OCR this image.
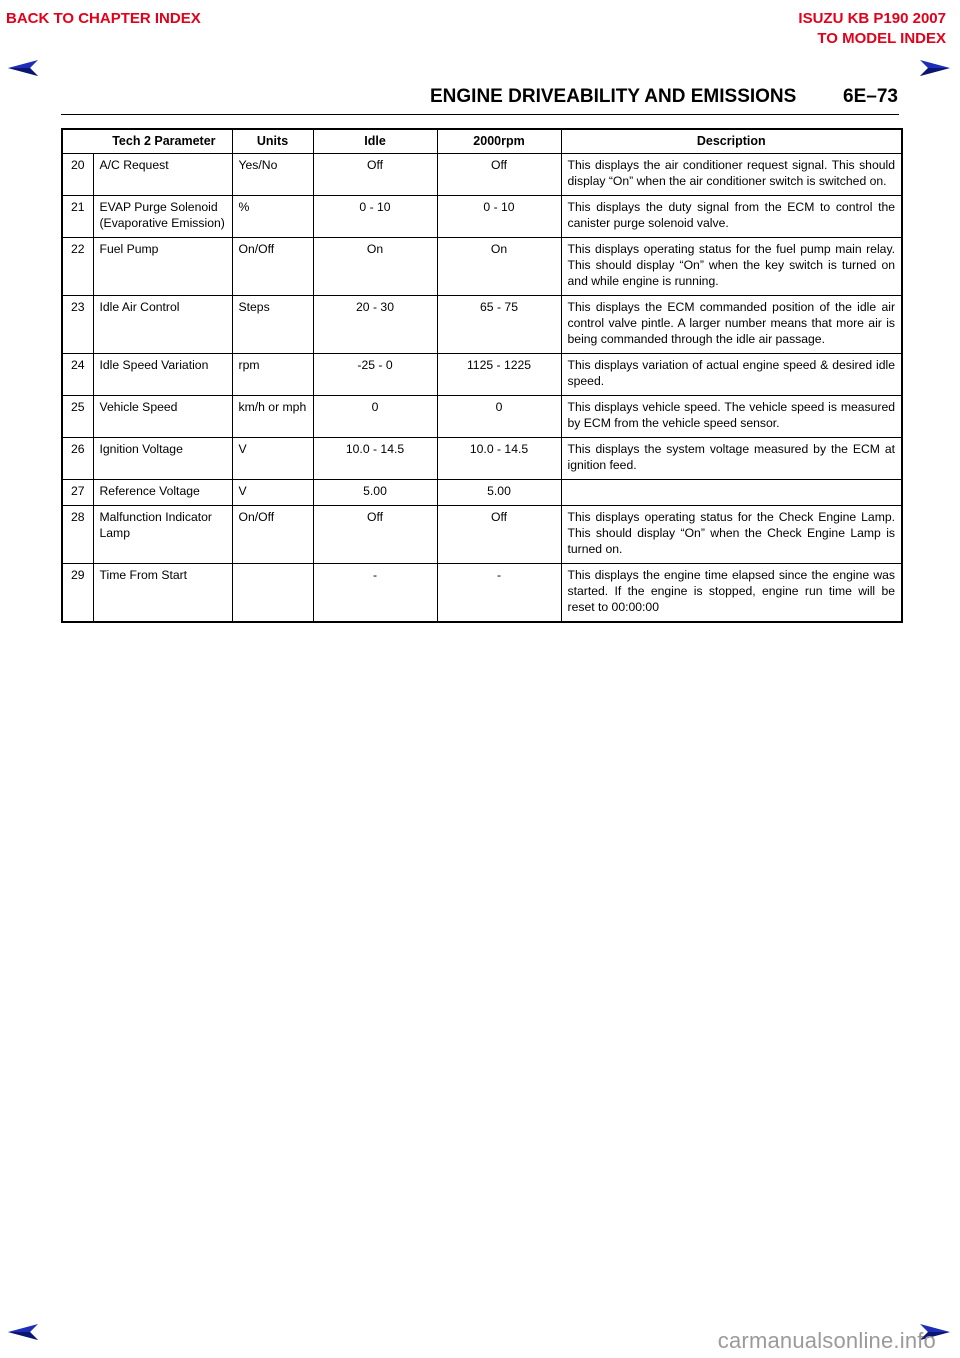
BACK TO CHAPTER INDEX	ISUZU KB P190 2007
TO MODEL INDEX
ENGINE DRIVEABILITY AND EMISSIONS 6E–73
Tech 2 Parameter		Units	Idle	2000rpm	Description
20	A/C Request	Yes/No	Off	Off	This displays the air conditioner request signal. This should display “On” when the air conditioner switch is switched on.
21	EVAP Purge Solenoid (Evaporative Emission)	%	0 - 10	0 - 10	This displays the duty signal from the ECM to control the canister purge solenoid valve.
22	Fuel Pump	On/Off	On	On	This displays operating status for the fuel pump main relay. This should display “On” when the key switch is turned on and while engine is running.
23	Idle Air Control	Steps	20 - 30	65 - 75	This displays the ECM commanded position of the idle air control valve pintle. A larger number means that more air is being commanded through the idle air passage.
24	Idle Speed Variation	rpm	-25 - 0	1125 - 1225	This displays variation of actual engine speed & desired idle speed.
25	Vehicle Speed	km/h or mph	0	0	This displays vehicle speed. The vehicle speed is measured by ECM from the vehicle speed sensor.
26	Ignition Voltage	V	10.0 - 14.5	10.0 - 14.5	This displays the system voltage measured by the ECM at ignition feed.
27	Reference Voltage	V	5.00	5.00	
28	Malfunction Indicator Lamp	On/Off	Off	Off	This displays operating status for the Check Engine Lamp. This should display “On” when the Check Engine Lamp is turned on.
29	Time From Start		-	-	This displays the engine time elapsed since the engine was started. If the engine is stopped, engine run time will be reset to 00:00:00
carmanualsonline.info
